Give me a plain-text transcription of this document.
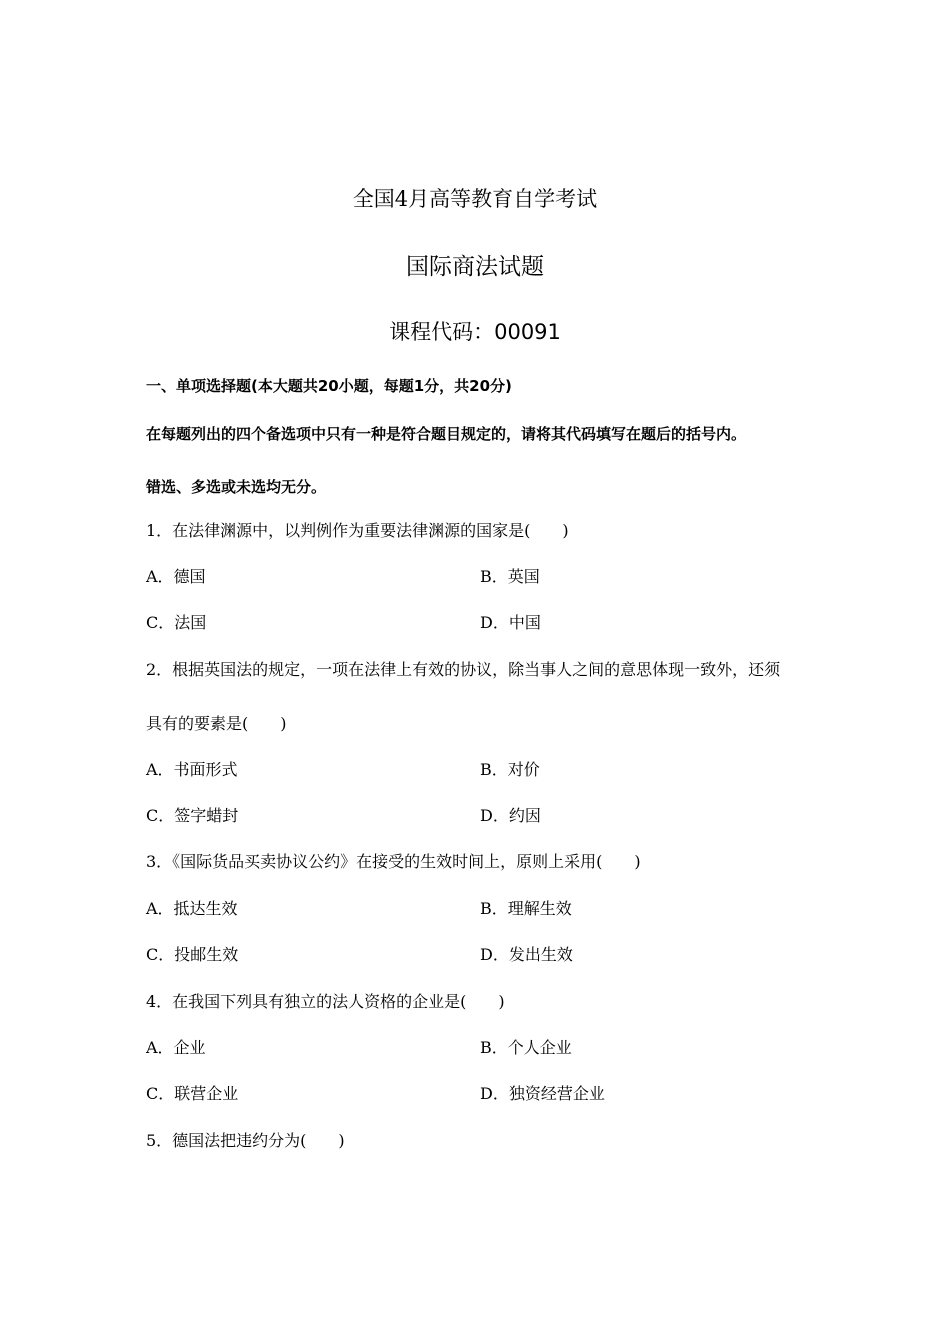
全国4月高等教育自学考试
国际商法试题
课程代码：00091
一、单项选择题(本大题共20小题，每题1分，共20分)
在每题列出的四个备选项中只有一种是符合题目规定的，请将其代码填写在题后的括号内。
错选、多选或未选均无分。
1．在法律渊源中，以判例作为重要法律渊源的国家是(　　)
A．德国	B．英国
C．法国	D．中国
2．根据英国法的规定，一项在法律上有效的协议，除当事人之间的意思体现一致外，还须
具有的要素是(　　)
A．书面形式	B．对价
C．签字蜡封	D．约因
3．《国际货品买卖协议公约》在接受的生效时间上，原则上采用(　　)
A．抵达生效	B．理解生效
C．投邮生效	D．发出生效
4．在我国下列具有独立的法人资格的企业是(　　)
A．企业	B．个人企业
C．联营企业	D．独资经营企业
5．德国法把违约分为(　　)
